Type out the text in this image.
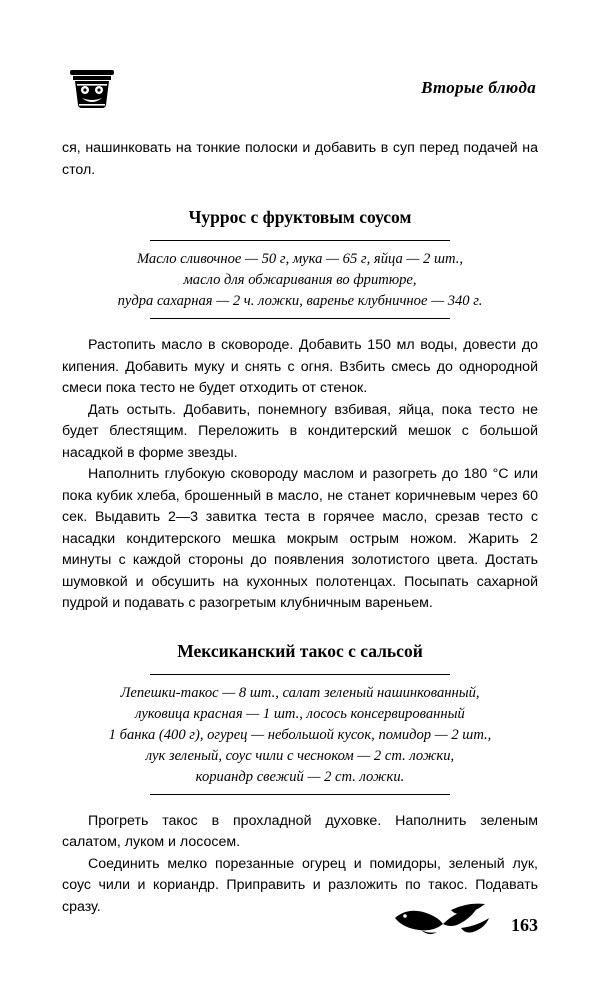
Вторые блюда

ся, нашинковать на тонкие полоски и добавить в суп перед подачей на стол.

Чуррос с фруктовым соусом
Масло сливочное — 50 г, мука — 65 г, яйца — 2 шт.,
масло для обжаривания во фритюре,
пудра сахарная — 2 ч. ложки, варенье клубничное — 340 г.

Растопить масло в сковороде. Добавить 150 мл воды, довести до кипения. Добавить муку и снять с огня. Взбить смесь до однородной смеси пока тесто не будет отходить от стенок.

Дать остыть. Добавить, понемногу взбивая, яйца, пока тесто не будет блестящим. Переложить в кондитерский мешок с большой насадкой в форме звезды.

Наполнить глубокую сковороду маслом и разогреть до 180 °С или пока кубик хлеба, брошенный в масло, не станет коричневым через 60 сек. Выдавить 2—3 завитка теста в горячее масло, срезав тесто с насадки кондитерского мешка мокрым острым ножом. Жарить 2 минуты с каждой стороны до появления золотистого цвета. Достать шумовкой и обсушить на кухонных полотенцах. Посыпать сахарной пудрой и подавать с разогретым клубничным вареньем.

Мексиканский такос с сальсой
Лепешки-такос — 8 шт., салат зеленый нашинкованный,
луковица красная — 1 шт., лосось консервированный
1 банка (400 г), огурец — небольшой кусок, помидор — 2 шт.,
лук зеленый, соус чили с чесноком — 2 ст. ложки,
кориандр свежий — 2 ст. ложки.

Прогреть такос в прохладной духовке. Наполнить зеленым салатом, луком и лососем.

Соединить мелко порезанные огурец и помидоры, зеленый лук, соус чили и кориандр. Приправить и разложить по такос. Подавать сразу.

163
